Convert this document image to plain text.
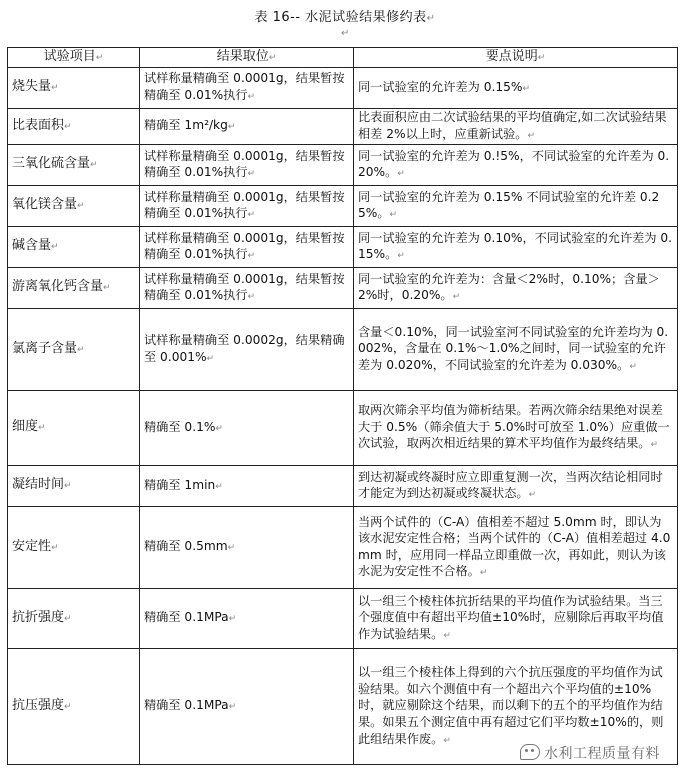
表 16-- 水泥试验结果修约表↵
↵
试验项目↵	结果取位↵	要点说明↵
烧失量↵	试样称量精确至 0.0001g，结果暂按精确至 0.01%执行↵	同一试验室的允许差为 0.15%↵
比表面积↵	精确至 1m²/kg↵	比表面积应由二次试验结果的平均值确定,如二次试验结果相差 2%以上时，应重新试验。↵
三氧化硫含量↵	试样称量精确至 0.0001g，结果暂按精确至 0.01%执行↵	同一试验室的允许差为 0.!5%，不同试验室的允许差为 0.20%。↵
氧化镁含量↵	试样称量精确至 0.0001g，结果暂按精确至 0.01%执行↵	同一试验室的允许差为 0.15% 不同试验室的允许差 0.25%。↵
碱含量↵	试样称量精确至 0.0001g，结果暂按精确至 0.01%执行↵	同一试验室的允许差为 0.10%，不同试验室的允许差为 0.15%。↵
游离氧化钙含量↵	试样称量精确至 0.0001g，结果暂按精确至 0.01%执行↵	同一试验室的允许差为：含量＜2%时，0.10%；含量＞2%时，0.20%。↵
氯离子含量↵	试样称量精确至 0.0002g，结果精确至 0.001%↵	含量＜0.10%，同一试验室河不同试验室的允许差均为 0.002%，含量在 0.1%～1.0%之间时，同一试验室的允许差为 0.020%，不同试验室的允许差为 0.030%。↵
细度↵	精确至 0.1%↵	取两次筛余平均值为筛析结果。若两次筛余结果绝对误差大于 0.5%（筛余值大于 5.0%时可放至 1.0%）应重做一次试验，取两次相近结果的算术平均值作为最终结果。↵
凝结时间↵	精确至 1min↵	到达初凝或终凝时应立即重复测一次，当两次结论相同时才能定为到达初凝或终凝状态。↵
安定性↵	精确至 0.5mm↵	当两个试件的（C-A）值相差不超过 5.0mm 时，即认为该水泥安定性合格；当两个试件的（C-A）值相差超过 4.0mm 时，应用同一样品立即重做一次，再如此，则认为该水泥为安定性不合格。↵
抗折强度↵	精确至 0.1MPa↵	以一组三个棱柱体抗折结果的平均值作为试验结果。当三个强度值中有超出平均值±10%时，应剔除后再取平均值作为试验结果。↵
抗压强度↵	精确至 0.1MPa↵	以一组三个棱柱体上得到的六个抗压强度的平均值作为试验结果。如六个测值中有一个超出六个平均值的±10%时，就应剔除这个结果，而以剩下的五个的平均值作为结果。如果五个测定值中再有超过它们平均数±10%的，则此组结果作废。↵
水利工程质量有料
